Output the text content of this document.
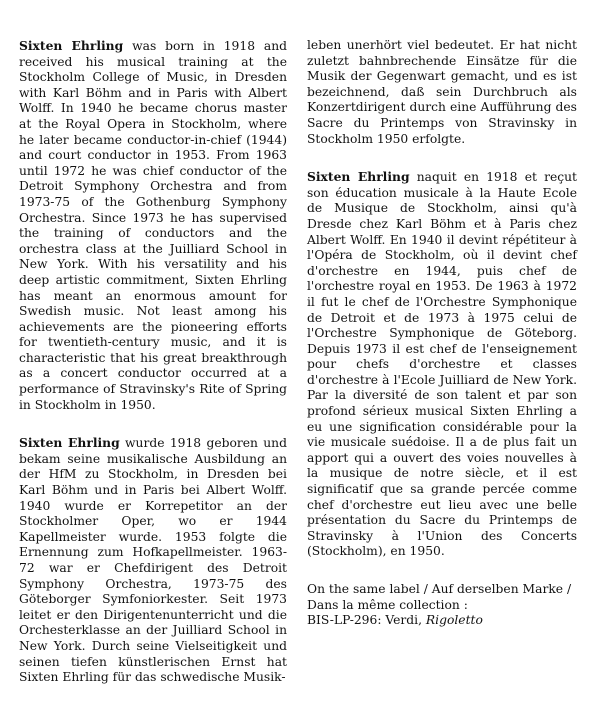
Sixten Ehrling was born in 1918 and received his musical training at the Stockholm College of Music, in Dresden with Karl Böhm and in Paris with Albert Wolff. In 1940 he became chorus master at the Royal Opera in Stockholm, where he later became conductor-in-chief (1944) and court conductor in 1953. From 1963 until 1972 he was chief conductor of the Detroit Symphony Orchestra and from 1973-75 of the Gothenburg Symphony Orchestra. Since 1973 he has supervised the training of conductors and the orchestra class at the Juilliard School in New York. With his versatility and his deep artistic commitment, Sixten Ehrling has meant an enormous amount for Swedish music. Not least among his achievements are the pioneering efforts for twentieth-century music, and it is characteristic that his great breakthrough as a concert conductor occurred at a performance of Stravinsky's Rite of Spring in Stockholm in 1950.

Sixten Ehrling wurde 1918 geboren und bekam seine musikalische Ausbildung an der HfM zu Stockholm, in Dresden bei Karl Böhm und in Paris bei Albert Wolff. 1940 wurde er Korrepetitor an der Stockholmer Oper, wo er 1944 Kapellmeister wurde. 1953 folgte die Ernennung zum Hofkapellmeister. 1963-72 war er Chefdirigent des Detroit Symphony Orchestra, 1973-75 des Göteborger Symfoniorkester. Seit 1973 leitet er den Dirigentenunterricht und die Orchesterklasse an der Juilliard School in New York. Durch seine Vielseitigkeit und seinen tiefen künstlerischen Ernst hat Sixten Ehrling für das schwedische Musik-

leben unerhört viel bedeutet. Er hat nicht zuletzt bahnbrechende Einsätze für die Musik der Gegenwart gemacht, und es ist bezeichnend, daß sein Durchbruch als Konzertdirigent durch eine Aufführung des Sacre du Printemps von Stravinsky in Stockholm 1950 erfolgte.

Sixten Ehrling naquit en 1918 et reçut son éducation musicale à la Haute Ecole de Musique de Stockholm, ainsi qu'à Dresde chez Karl Böhm et à Paris chez Albert Wolff. En 1940 il devint répétiteur à l'Opéra de Stockholm, où il devint chef d'orchestre en 1944, puis chef de l'orchestre royal en 1953. De 1963 à 1972 il fut le chef de l'Orchestre Symphonique de Detroit et de 1973 à 1975 celui de l'Orchestre Symphonique de Göteborg. Depuis 1973 il est chef de l'enseignement pour chefs d'orchestre et classes d'orchestre à l'Ecole Juilliard de New York. Par la diversité de son talent et par son profond sérieux musical Sixten Ehrling a eu une signification considérable pour la vie musicale suédoise. Il a de plus fait un apport qui a ouvert des voies nouvelles à la musique de notre siècle, et il est significatif que sa grande percée comme chef d'orchestre eut lieu avec une belle présentation du Sacre du Printemps de Stravinsky à l'Union des Concerts (Stockholm), en 1950.

On the same label / Auf derselben Marke /
Dans la même collection :
BIS-LP-296: Verdi, Rigoletto
